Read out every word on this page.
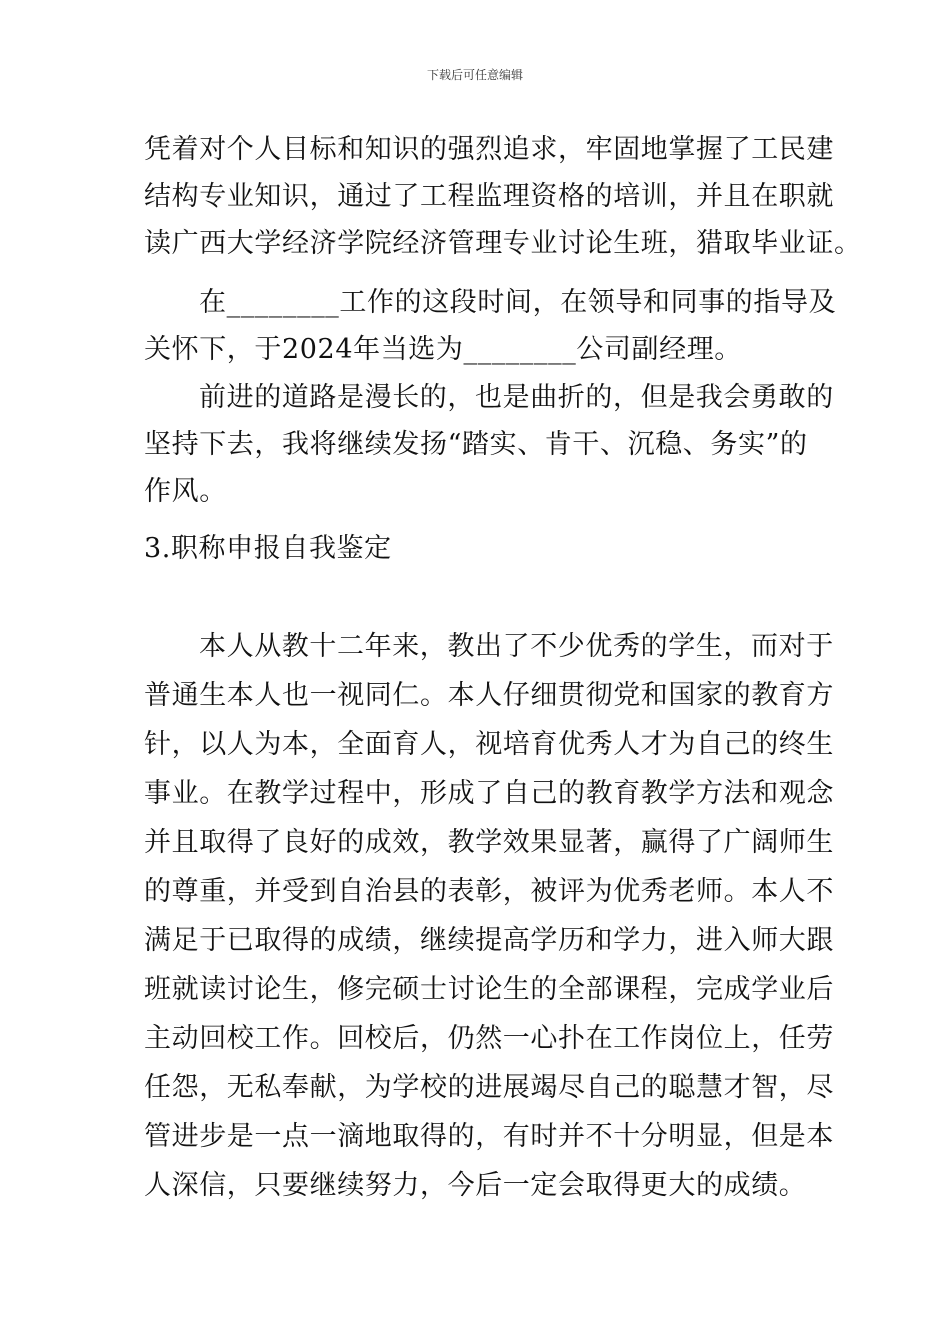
下载后可任意编辑
凭着对个人目标和知识的强烈追求，牢固地掌握了工民建
结构专业知识，通过了工程监理资格的培训，并且在职就
读广西大学经济学院经济管理专业讨论生班，猎取毕业证。
在________工作的这段时间，在领导和同事的指导及
关怀下，于2024年当选为________公司副经理。
前进的道路是漫长的，也是曲折的，但是我会勇敢的
坚持下去，我将继续发扬“踏实、肯干、沉稳、务实”的
作风。
3.职称申报自我鉴定
本人从教十二年来，教出了不少优秀的学生，而对于
普通生本人也一视同仁。本人仔细贯彻党和国家的教育方
针，以人为本，全面育人，视培育优秀人才为自己的终生
事业。在教学过程中，形成了自己的教育教学方法和观念
并且取得了良好的成效，教学效果显著，赢得了广阔师生
的尊重，并受到自治县的表彰，被评为优秀老师。本人不
满足于已取得的成绩，继续提高学历和学力，进入师大跟
班就读讨论生，修完硕士讨论生的全部课程，完成学业后
主动回校工作。回校后，仍然一心扑在工作岗位上，任劳
任怨，无私奉献，为学校的进展竭尽自己的聪慧才智，尽
管进步是一点一滴地取得的，有时并不十分明显，但是本
人深信，只要继续努力，今后一定会取得更大的成绩。
